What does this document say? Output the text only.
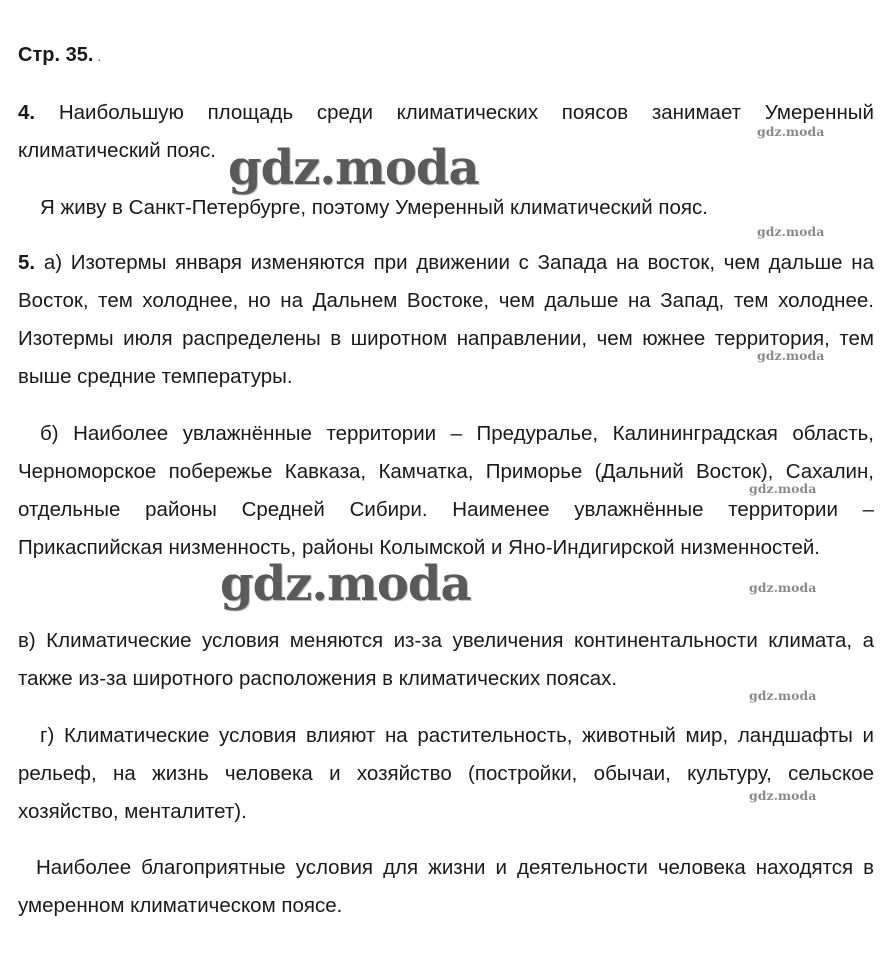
Стр. 35. .
4. Наибольшую площадь среди климатических поясов занимает Умеренный климатический пояс.
Я живу в Санкт-Петербурге, поэтому Умеренный климатический пояс.
5. а) Изотермы января изменяются при движении с Запада на восток, чем дальше на Восток, тем холоднее, но на Дальнем Востоке, чем дальше на Запад, тем холоднее. Изотермы июля распределены в широтном направлении, чем южнее территория, тем выше средние температуры.
б) Наиболее увлажнённые территории – Предуралье, Калининградская область, Черноморское побережье Кавказа, Камчатка, Приморье (Дальний Восток), Сахалин, отдельные районы Средней Сибири. Наименее увлажнённые территории – Прикаспийская низменность, районы Колымской и Яно-Индигирской низменностей.
в) Климатические условия меняются из-за увеличения континентальности климата, а также из-за широтного расположения в климатических поясах.
г) Климатические условия влияют на растительность, животный мир, ландшафты и рельеф, на жизнь человека и хозяйство (постройки, обычаи, культуру, сельское хозяйство, менталитет).
Наиболее благоприятные условия для жизни и деятельности человека находятся в умеренном климатическом поясе.
gdz.moda
gdz.moda
gdz.moda
gdz.moda
gdz.moda
gdz.moda
gdz.moda
gdz.moda
gdz.moda
